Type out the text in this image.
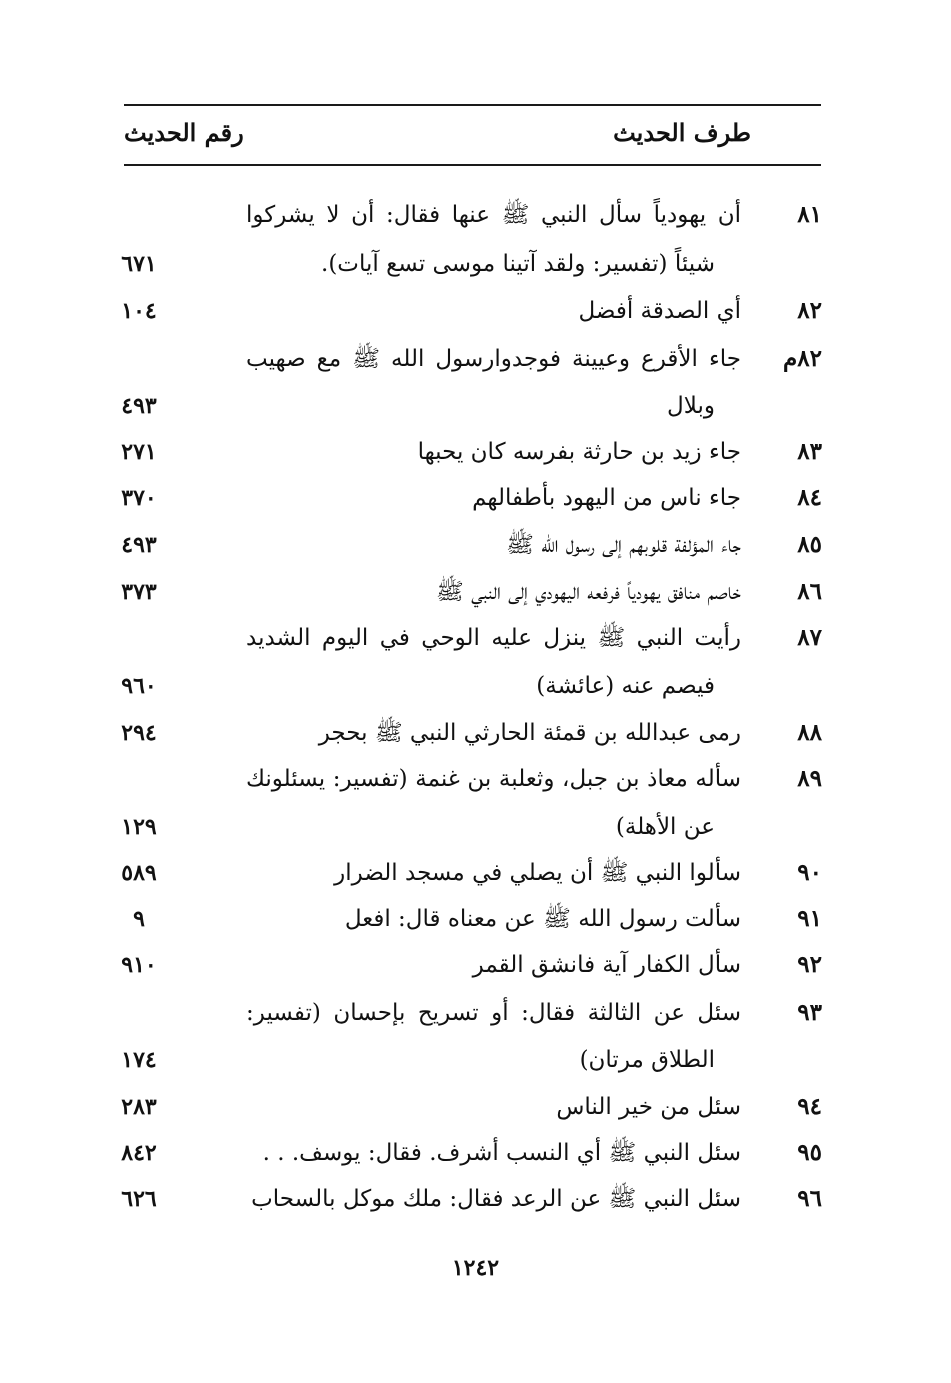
طرف الحديث
رقم الحديث
٨١
أن يهودياً سأل النبي ﷺ عنها فقال: أن لا يشركوا
شيئاً (تفسير: ولقد آتينا موسى تسع آيات).
٦٧١
٨٢
أي الصدقة أفضل
١٠٤
٨٢م
جاء الأقرع وعيينة فوجدوارسول الله ﷺ مع صهيب
وبلال
٤٩٣
٨٣
جاء زيد بن حارثة بفرسه كان يحبها
٢٧١
٨٤
جاء ناس من اليهود بأطفالهم
٣٧٠
٨٥
جاء المؤلفة قلوبهم إلى رسول الله ﷺ
٤٩٣
٨٦
خاصم منافق يهودياً فرفعه اليهودي إلى النبي ﷺ
٣٧٣
٨٧
رأيت النبي ﷺ ينزل عليه الوحي في اليوم الشديد
فيصم عنه (عائشة)
٩٦٠
٨٨
رمى عبدالله بن قمئة الحارثي النبي ﷺ بحجر
٢٩٤
٨٩
سأله معاذ بن جبل، وثعلبة بن غنمة (تفسير: يسئلونك
عن الأهلة)
١٢٩
٩٠
سألوا النبي ﷺ أن يصلي في مسجد الضرار
٥٨٩
٩١
سألت رسول الله ﷺ عن معناه قال: افعل
٩
٩٢
سأل الكفار آية فانشق القمر
٩١٠
٩٣
سئل عن الثالثة فقال: أو تسريح بإحسان (تفسير:
الطلاق مرتان)
١٧٤
٩٤
سئل من خير الناس
٢٨٣
٩٥
سئل النبي ﷺ أي النسب أشرف. فقال: يوسف. . .
٨٤٢
٩٦
سئل النبي ﷺ عن الرعد فقال: ملك موكل بالسحاب
٦٢٦
١٢٤٢
